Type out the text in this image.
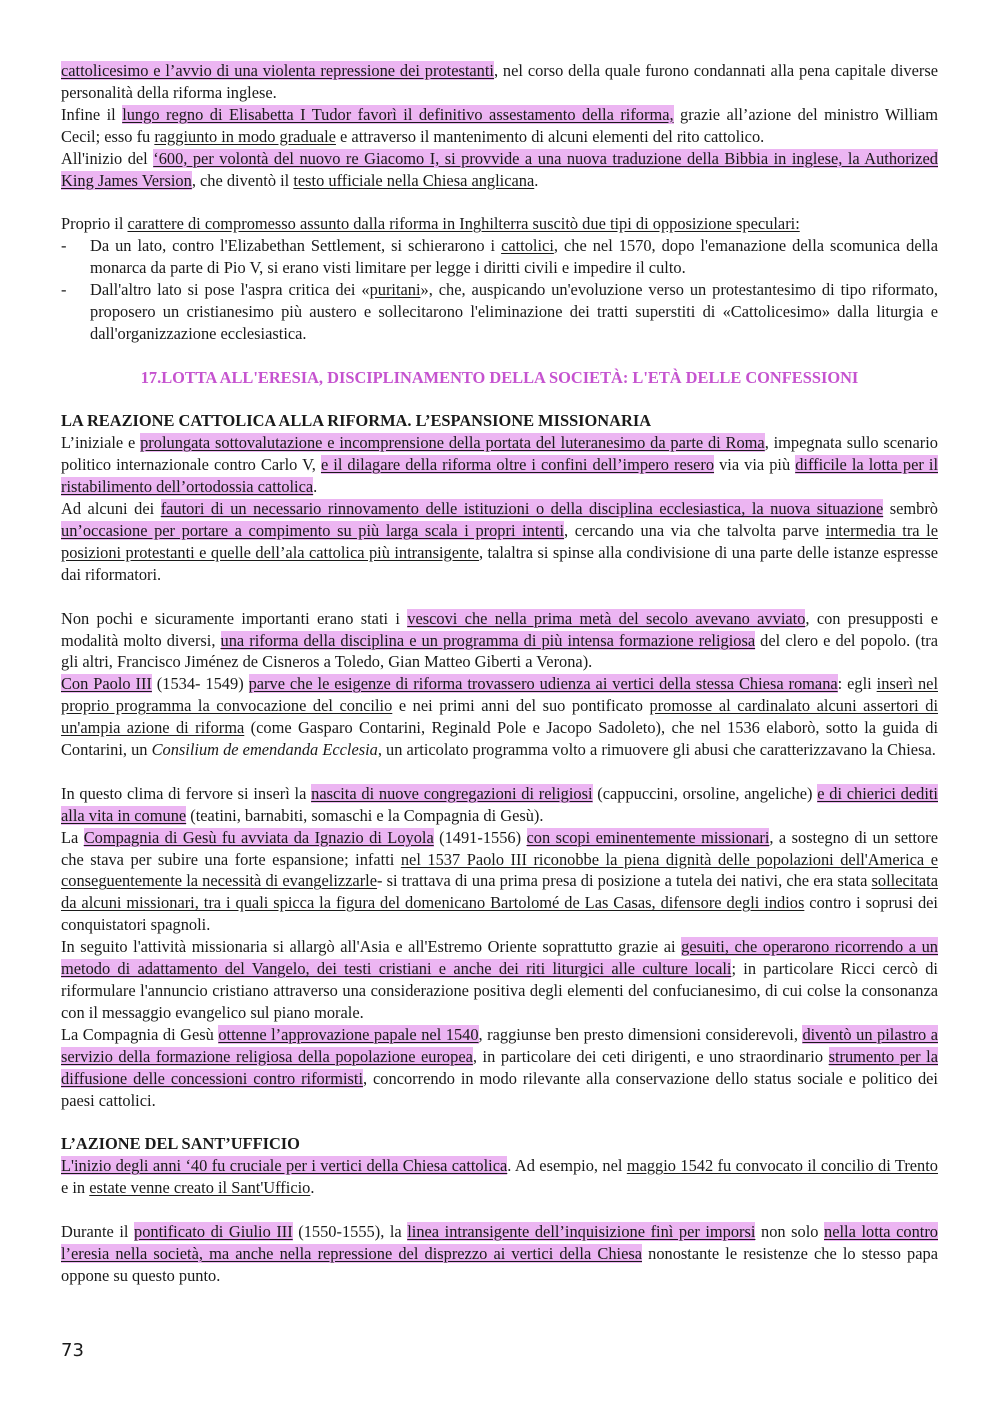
cattolicesimo e l’avvio di una violenta repressione dei protestanti, nel corso della quale furono condannati alla pena capitale diverse personalità della riforma inglese.

Infine il lungo regno di Elisabetta I Tudor favorì il definitivo assestamento della riforma, grazie all’azione del ministro William Cecil; esso fu raggiunto in modo graduale e attraverso il mantenimento di alcuni elementi del rito cattolico.

All'inizio del ‘600, per volontà del nuovo re Giacomo I, si provvide a una nuova traduzione della Bibbia in inglese, la Authorized King James Version, che diventò il testo ufficiale nella Chiesa anglicana.

Proprio il carattere di compromesso assunto dalla riforma in Inghilterra suscitò due tipi di opposizione speculari:

- Da un lato, contro l'Elizabethan Settlement, si schierarono i cattolici, che nel 1570, dopo l'emanazione della scomunica della monarca da parte di Pio V, si erano visti limitare per legge i diritti civili e impedire il culto.
- Dall'altro lato si pose l'aspra critica dei «puritani», che, auspicando un'evoluzione verso un protestantesimo di tipo riformato, proposero un cristianesimo più austero e sollecitarono l'eliminazione dei tratti superstiti di «Cattolicesimo» dalla liturgia e dall'organizzazione ecclesiastica.

17.LOTTA ALL'ERESIA, DISCIPLINAMENTO DELLA SOCIETÀ: L'ETÀ DELLE CONFESSIONI

LA REAZIONE CATTOLICA ALLA RIFORMA. L’ESPANSIONE MISSIONARIA

L’iniziale e prolungata sottovalutazione e incomprensione della portata del luteranesimo da parte di Roma, impegnata sullo scenario politico internazionale contro Carlo V, e il dilagare della riforma oltre i confini dell’impero resero via via più difficile la lotta per il ristabilimento dell’ortodossia cattolica.

Ad alcuni dei fautori di un necessario rinnovamento delle istituzioni o della disciplina ecclesiastica, la nuova situazione sembrò un’occasione per portare a compimento su più larga scala i propri intenti, cercando una via che talvolta parve intermedia tra le posizioni protestanti e quelle dell’ala cattolica più intransigente, talaltra si spinse alla condivisione di una parte delle istanze espresse dai riformatori.

Non pochi e sicuramente importanti erano stati i vescovi che nella prima metà del secolo avevano avviato, con presupposti e modalità molto diversi, una riforma della disciplina e un programma di più intensa formazione religiosa del clero e del popolo. (tra gli altri, Francisco Jiménez de Cisneros a Toledo, Gian Matteo Giberti a Verona).

Con Paolo III (1534- 1549) parve che le esigenze di riforma trovassero udienza ai vertici della stessa Chiesa romana: egli inserì nel proprio programma la convocazione del concilio e nei primi anni del suo pontificato promosse al cardinalato alcuni assertori di un'ampia azione di riforma (come Gasparo Contarini, Reginald Pole e Jacopo Sadoleto), che nel 1536 elaborò, sotto la guida di Contarini, un Consilium de emendanda Ecclesia, un articolato programma volto a rimuovere gli abusi che caratterizzavano la Chiesa.

In questo clima di fervore si inserì la nascita di nuove congregazioni di religiosi (cappuccini, orsoline, angeliche) e di chierici dediti alla vita in comune (teatini, barnabiti, somaschi e la Compagnia di Gesù).

La Compagnia di Gesù fu avviata da Ignazio di Loyola (1491-1556) con scopi eminentemente missionari, a sostegno di un settore che stava per subire una forte espansione; infatti nel 1537 Paolo III riconobbe la piena dignità delle popolazioni dell'America e conseguentemente la necessità di evangelizzarle- si trattava di una prima presa di posizione a tutela dei nativi, che era stata sollecitata da alcuni missionari, tra i quali spicca la figura del domenicano Bartolomé de Las Casas, difensore degli indios contro i soprusi dei conquistatori spagnoli.

In seguito l'attività missionaria si allargò all'Asia e all'Estremo Oriente soprattutto grazie ai gesuiti, che operarono ricorrendo a un metodo di adattamento del Vangelo, dei testi cristiani e anche dei riti liturgici alle culture locali; in particolare Ricci cercò di riformulare l'annuncio cristiano attraverso una considerazione positiva degli elementi del confucianesimo, di cui colse la consonanza con il messaggio evangelico sul piano morale.

La Compagnia di Gesù ottenne l’approvazione papale nel 1540, raggiunse ben presto dimensioni considerevoli, diventò un pilastro a servizio della formazione religiosa della popolazione europea, in particolare dei ceti dirigenti, e uno straordinario strumento per la diffusione delle concessioni contro riformisti, concorrendo in modo rilevante alla conservazione dello status sociale e politico dei paesi cattolici.

L’AZIONE DEL SANT’UFFICIO

L'inizio degli anni ‘40 fu cruciale per i vertici della Chiesa cattolica. Ad esempio, nel maggio 1542 fu convocato il concilio di Trento e in estate venne creato il Sant'Ufficio.

Durante il pontificato di Giulio III (1550-1555), la linea intransigente dell’inquisizione finì per imporsi non solo nella lotta contro l’eresia nella società, ma anche nella repressione del disprezzo ai vertici della Chiesa nonostante le resistenze che lo stesso papa oppone su questo punto.

73
